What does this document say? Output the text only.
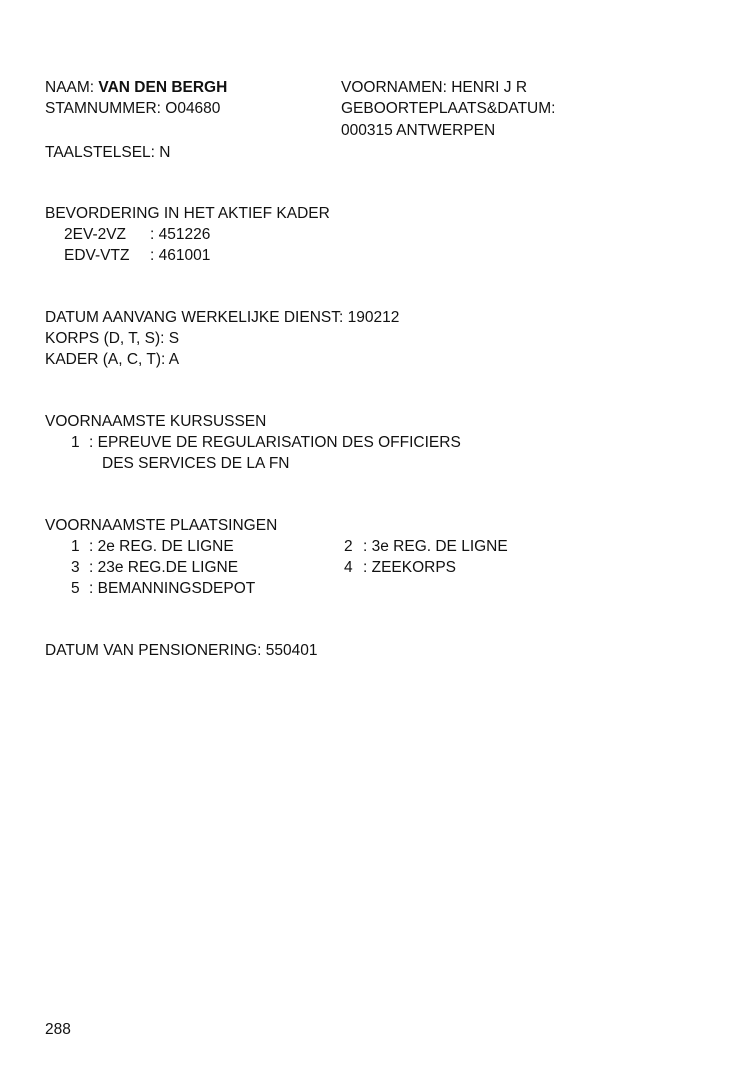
NAAM: VAN DEN BERGH	VOORNAMEN: HENRI J R
STAMNUMMER: O04680	GEBOORTEPLAATS&DATUM:
000315 ANTWERPEN
TAALSTELSEL: N
BEVORDERING IN HET AKTIEF KADER
2EV-2VZ : 451226
EDV-VTZ : 461001
DATUM AANVANG WERKELIJKE DIENST: 190212
KORPS (D, T, S): S
KADER (A, C, T): A
VOORNAAMSTE KURSUSSEN
1 : EPREUVE DE REGULARISATION DES OFFICIERS
DES SERVICES DE LA FN
VOORNAAMSTE PLAATSINGEN
1 : 2e REG. DE LIGNE	2 : 3e REG. DE LIGNE
3 : 23e REG.DE LIGNE	4 : ZEEKORPS
5 : BEMANNINGSDEPOT
DATUM VAN PENSIONERING: 550401
288
